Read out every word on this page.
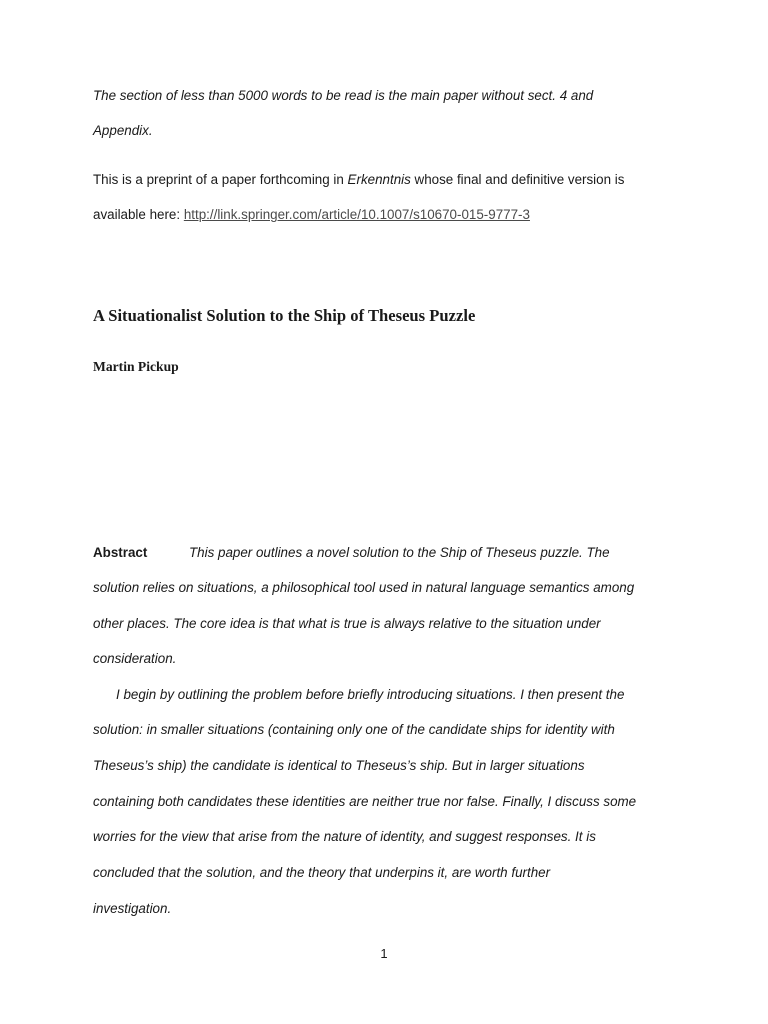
The section of less than 5000 words to be read is the main paper without sect. 4 and
Appendix.
This is a preprint of a paper forthcoming in Erkenntnis whose final and definitive version is
available here: http://link.springer.com/article/10.1007/s10670-015-9777-3
A Situationalist Solution to the Ship of Theseus Puzzle
Martin Pickup
Abstract	This paper outlines a novel solution to the Ship of Theseus puzzle. The
solution relies on situations, a philosophical tool used in natural language semantics among
other places. The core idea is that what is true is always relative to the situation under
consideration.
I begin by outlining the problem before briefly introducing situations. I then present the
solution: in smaller situations (containing only one of the candidate ships for identity with
Theseus’s ship) the candidate is identical to Theseus’s ship. But in larger situations
containing both candidates these identities are neither true nor false. Finally, I discuss some
worries for the view that arise from the nature of identity, and suggest responses. It is
concluded that the solution, and the theory that underpins it, are worth further
investigation.
1
